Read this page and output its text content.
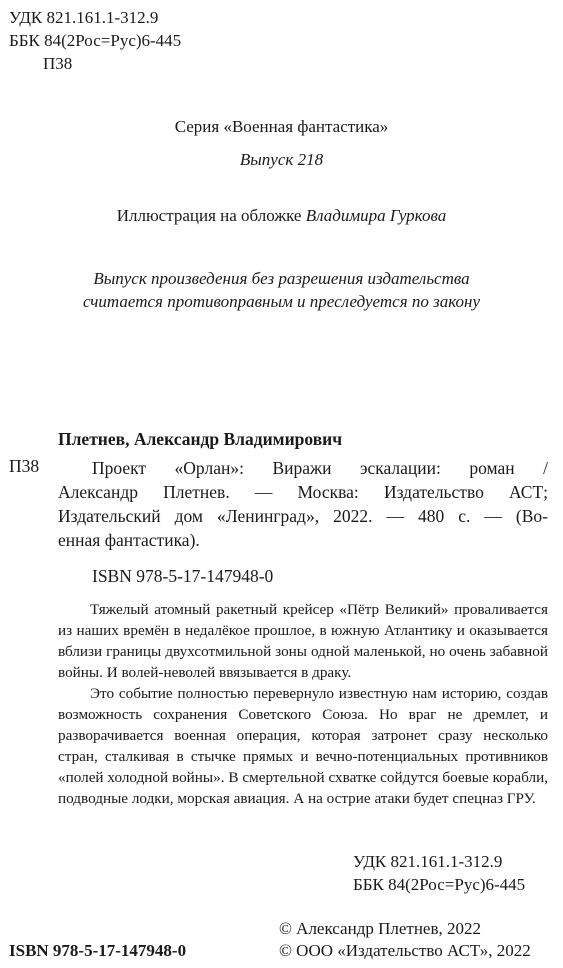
УДК 821.161.1-312.9
ББК 84(2Рос=Рус)6-445
П38
Серия «Военная фантастика»
Выпуск 218
Иллюстрация на обложке Владимира Гуркова
Выпуск произведения без разрешения издательства
считается противоправным и преследуется по закону
Плетнев, Александр Владимирович
П38	Проект «Орлан»: Виражи эскалации: роман /
Александр Плетнев. — Москва: Издательство АСТ;
Издательский дом «Ленинград», 2022. — 480 с. — (Во-
енная фантастика).
ISBN 978-5-17-147948-0

Тяжелый атомный ракетный крейсер «Пётр Великий» проваливается из наших времён в недалёкое прошлое, в южную Атлантику и оказывается вблизи границы двухсотмильной зоны одной маленькой, но очень забавной войны. И волей-неволей ввязывается в драку.

Это событие полностью перевернуло известную нам историю, создав возможность сохранения Советского Союза. Но враг не дремлет, и разворачивается военная операция, которая затронет сразу несколько стран, сталкивая в стычке прямых и вечно-потенциальных противников «полей холодной войны». В смертельной схватке сойдутся боевые корабли, подводные лодки, морская авиация. А на острие атаки будет спецназ ГРУ.

УДК 821.161.1-312.9
ББК 84(2Рос=Рус)6-445
© Александр Плетнев, 2022
ISBN 978-5-17-147948-0	© ООО «Издательство АСТ», 2022
